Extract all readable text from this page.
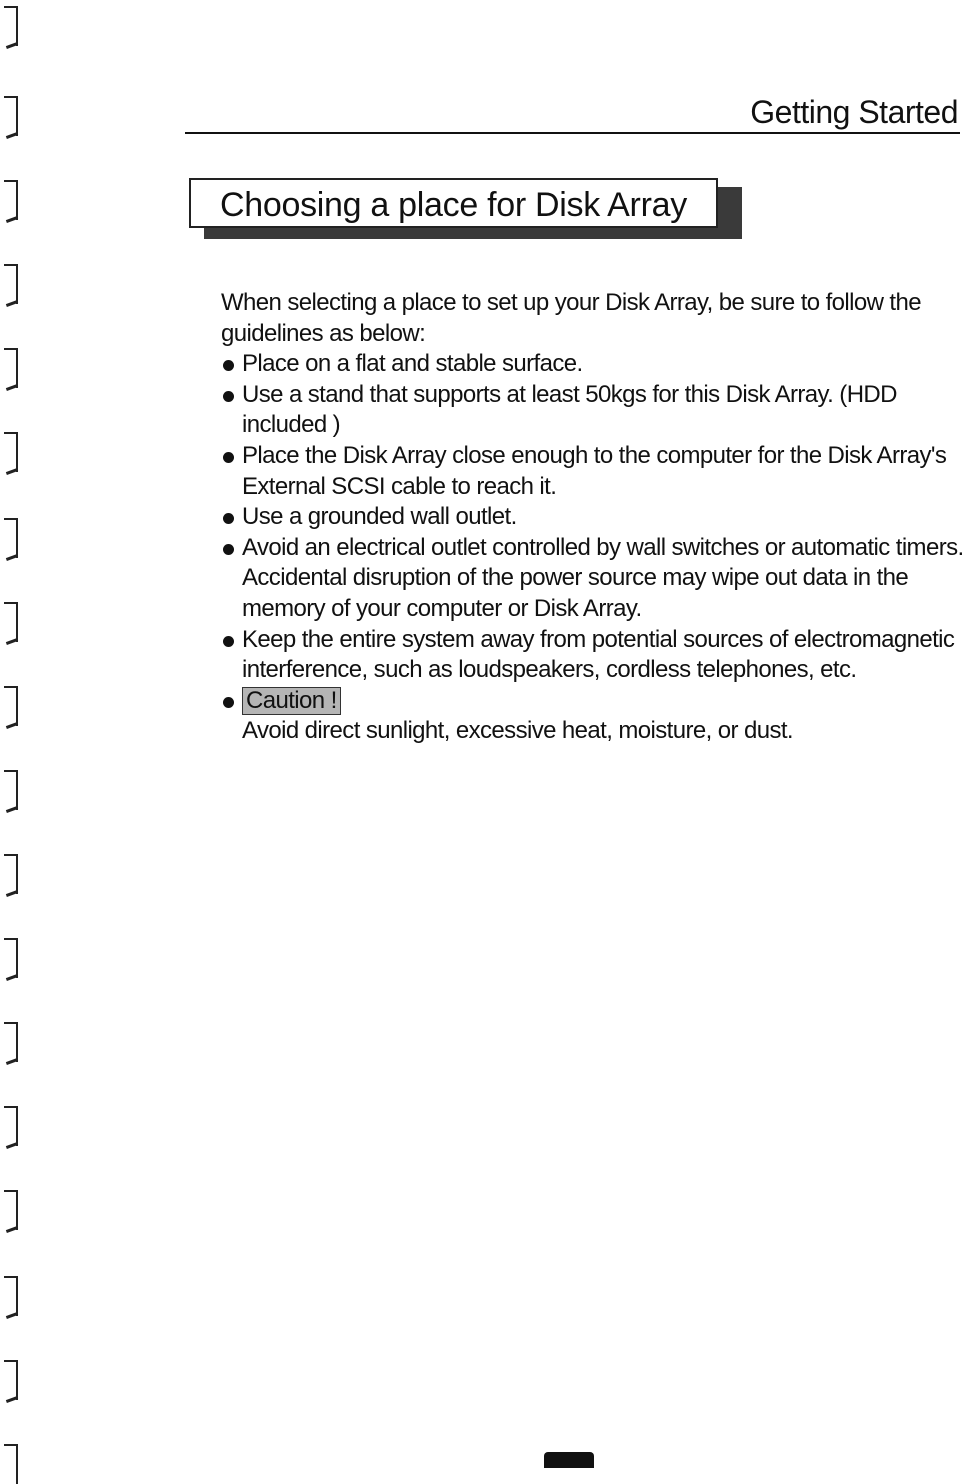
Getting Started
Choosing a place for Disk Array

When selecting a place to set up your Disk Array, be sure to follow the guidelines as below:

Place on a flat and stable surface.
Use a stand that supports at least 50kgs for this Disk Array. (HDD included )
Place the Disk Array close enough to the computer for the Disk Array's External SCSI cable to reach it.
Use a grounded wall outlet.
Avoid an electrical outlet controlled by wall switches or automatic timers. Accidental disruption of the power source may wipe out data in the memory of your computer or Disk Array.
Keep the entire system away from potential sources of electromagnetic interference, such as loudspeakers, cordless telephones, etc.
Caution !
Avoid direct sunlight, excessive heat, moisture, or dust.
